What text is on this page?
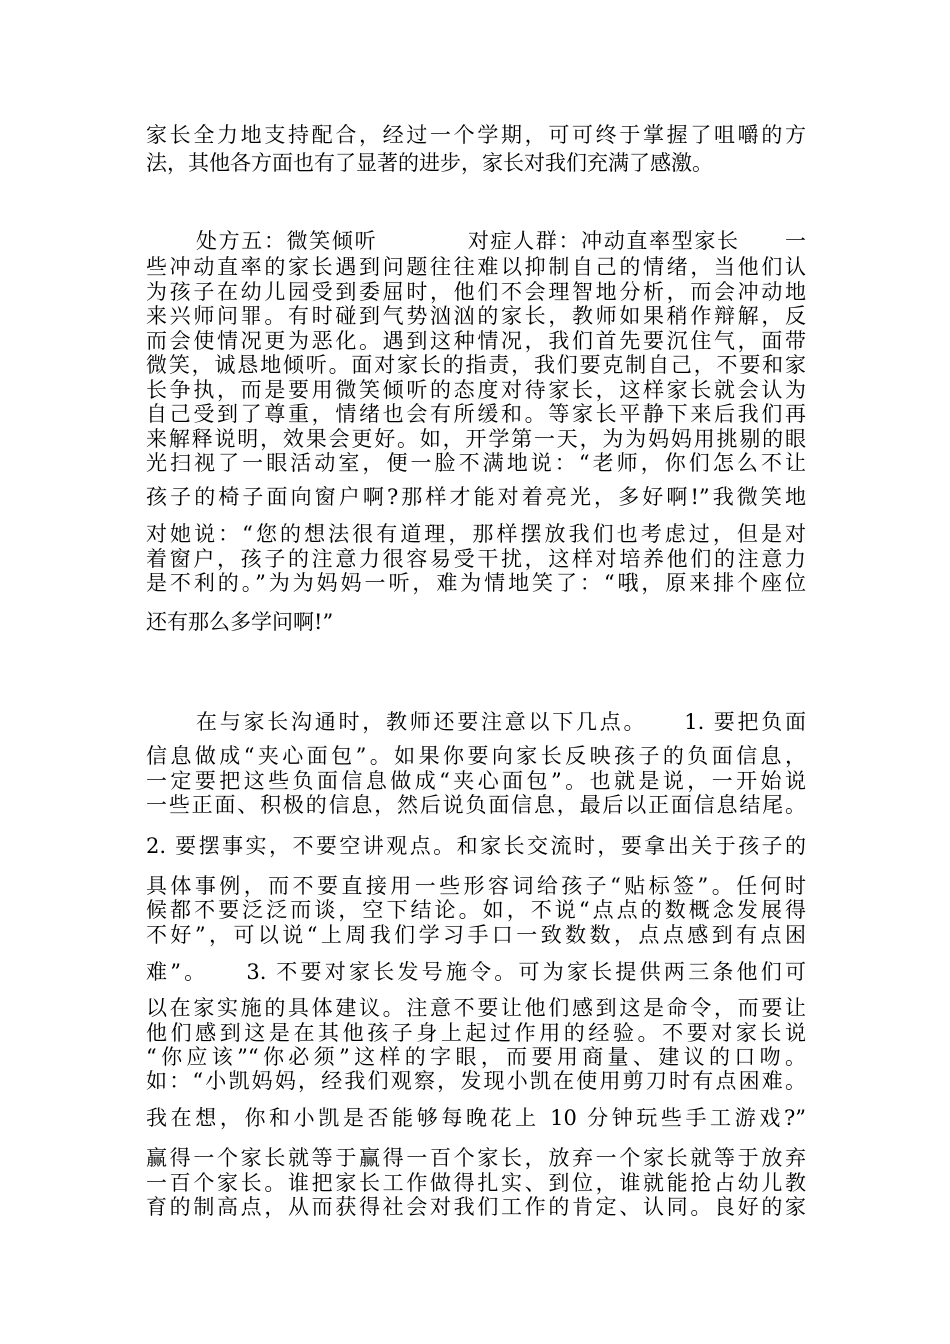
家长全力地支持配合，经过一个学期，可可终于掌握了咀嚼的方
法，其他各方面也有了显著的进步，家长对我们充满了感激。
处方五：微笑倾听　　　　对症人群：冲动直率型家长　　一
些冲动直率的家长遇到问题往往难以抑制自己的情绪，当他们认
为孩子在幼儿园受到委屈时，他们不会理智地分析，而会冲动地
来兴师问罪。有时碰到气势汹汹的家长，教师如果稍作辩解，反
而会使情况更为恶化。遇到这种情况，我们首先要沉住气，面带
微笑，诚恳地倾听。面对家长的指责，我们要克制自己，不要和家
长争执，而是要用微笑倾听的态度对待家长，这样家长就会认为
自己受到了尊重，情绪也会有所缓和。等家长平静下来后我们再
来解释说明，效果会更好。如，开学第一天，为为妈妈用挑剔的眼
光扫视了一眼活动室，便一脸不满地说：“老师，你们怎么不让
孩子的椅子面向窗户啊?那样才能对着亮光，多好啊!”我微笑地
对她说：“您的想法很有道理，那样摆放我们也考虑过，但是对
着窗户，孩子的注意力很容易受干扰，这样对培养他们的注意力
是不利的。”为为妈妈一听，难为情地笑了：“哦，原来排个座位
还有那么多学问啊!”
在与家长沟通时，教师还要注意以下几点。　　1. 要把负面
信息做成“夹心面包”。如果你要向家长反映孩子的负面信息，
一定要把这些负面信息做成“夹心面包”。也就是说，一开始说
一些正面、积极的信息，然后说负面信息，最后以正面信息结尾。
2. 要摆事实，不要空讲观点。和家长交流时，要拿出关于孩子的
具体事例，而不要直接用一些形容词给孩子“贴标签”。任何时
候都不要泛泛而谈，空下结论。如，不说“点点的数概念发展得
不好”，可以说“上周我们学习手口一致数数，点点感到有点困
难”。　　3. 不要对家长发号施令。可为家长提供两三条他们可
以在家实施的具体建议。注意不要让他们感到这是命令，而要让
他们感到这是在其他孩子身上起过作用的经验。不要对家长说
“你应该”“你必须”这样的字眼，而要用商量、建议的口吻。
如：“小凯妈妈，经我们观察，发现小凯在使用剪刀时有点困难。
我在想，你和小凯是否能够每晚花上 10 分钟玩些手工游戏?”
赢得一个家长就等于赢得一百个家长，放弃一个家长就等于放弃
一百个家长。谁把家长工作做得扎实、到位，谁就能抢占幼儿教
育的制高点，从而获得社会对我们工作的肯定、认同。良好的家
